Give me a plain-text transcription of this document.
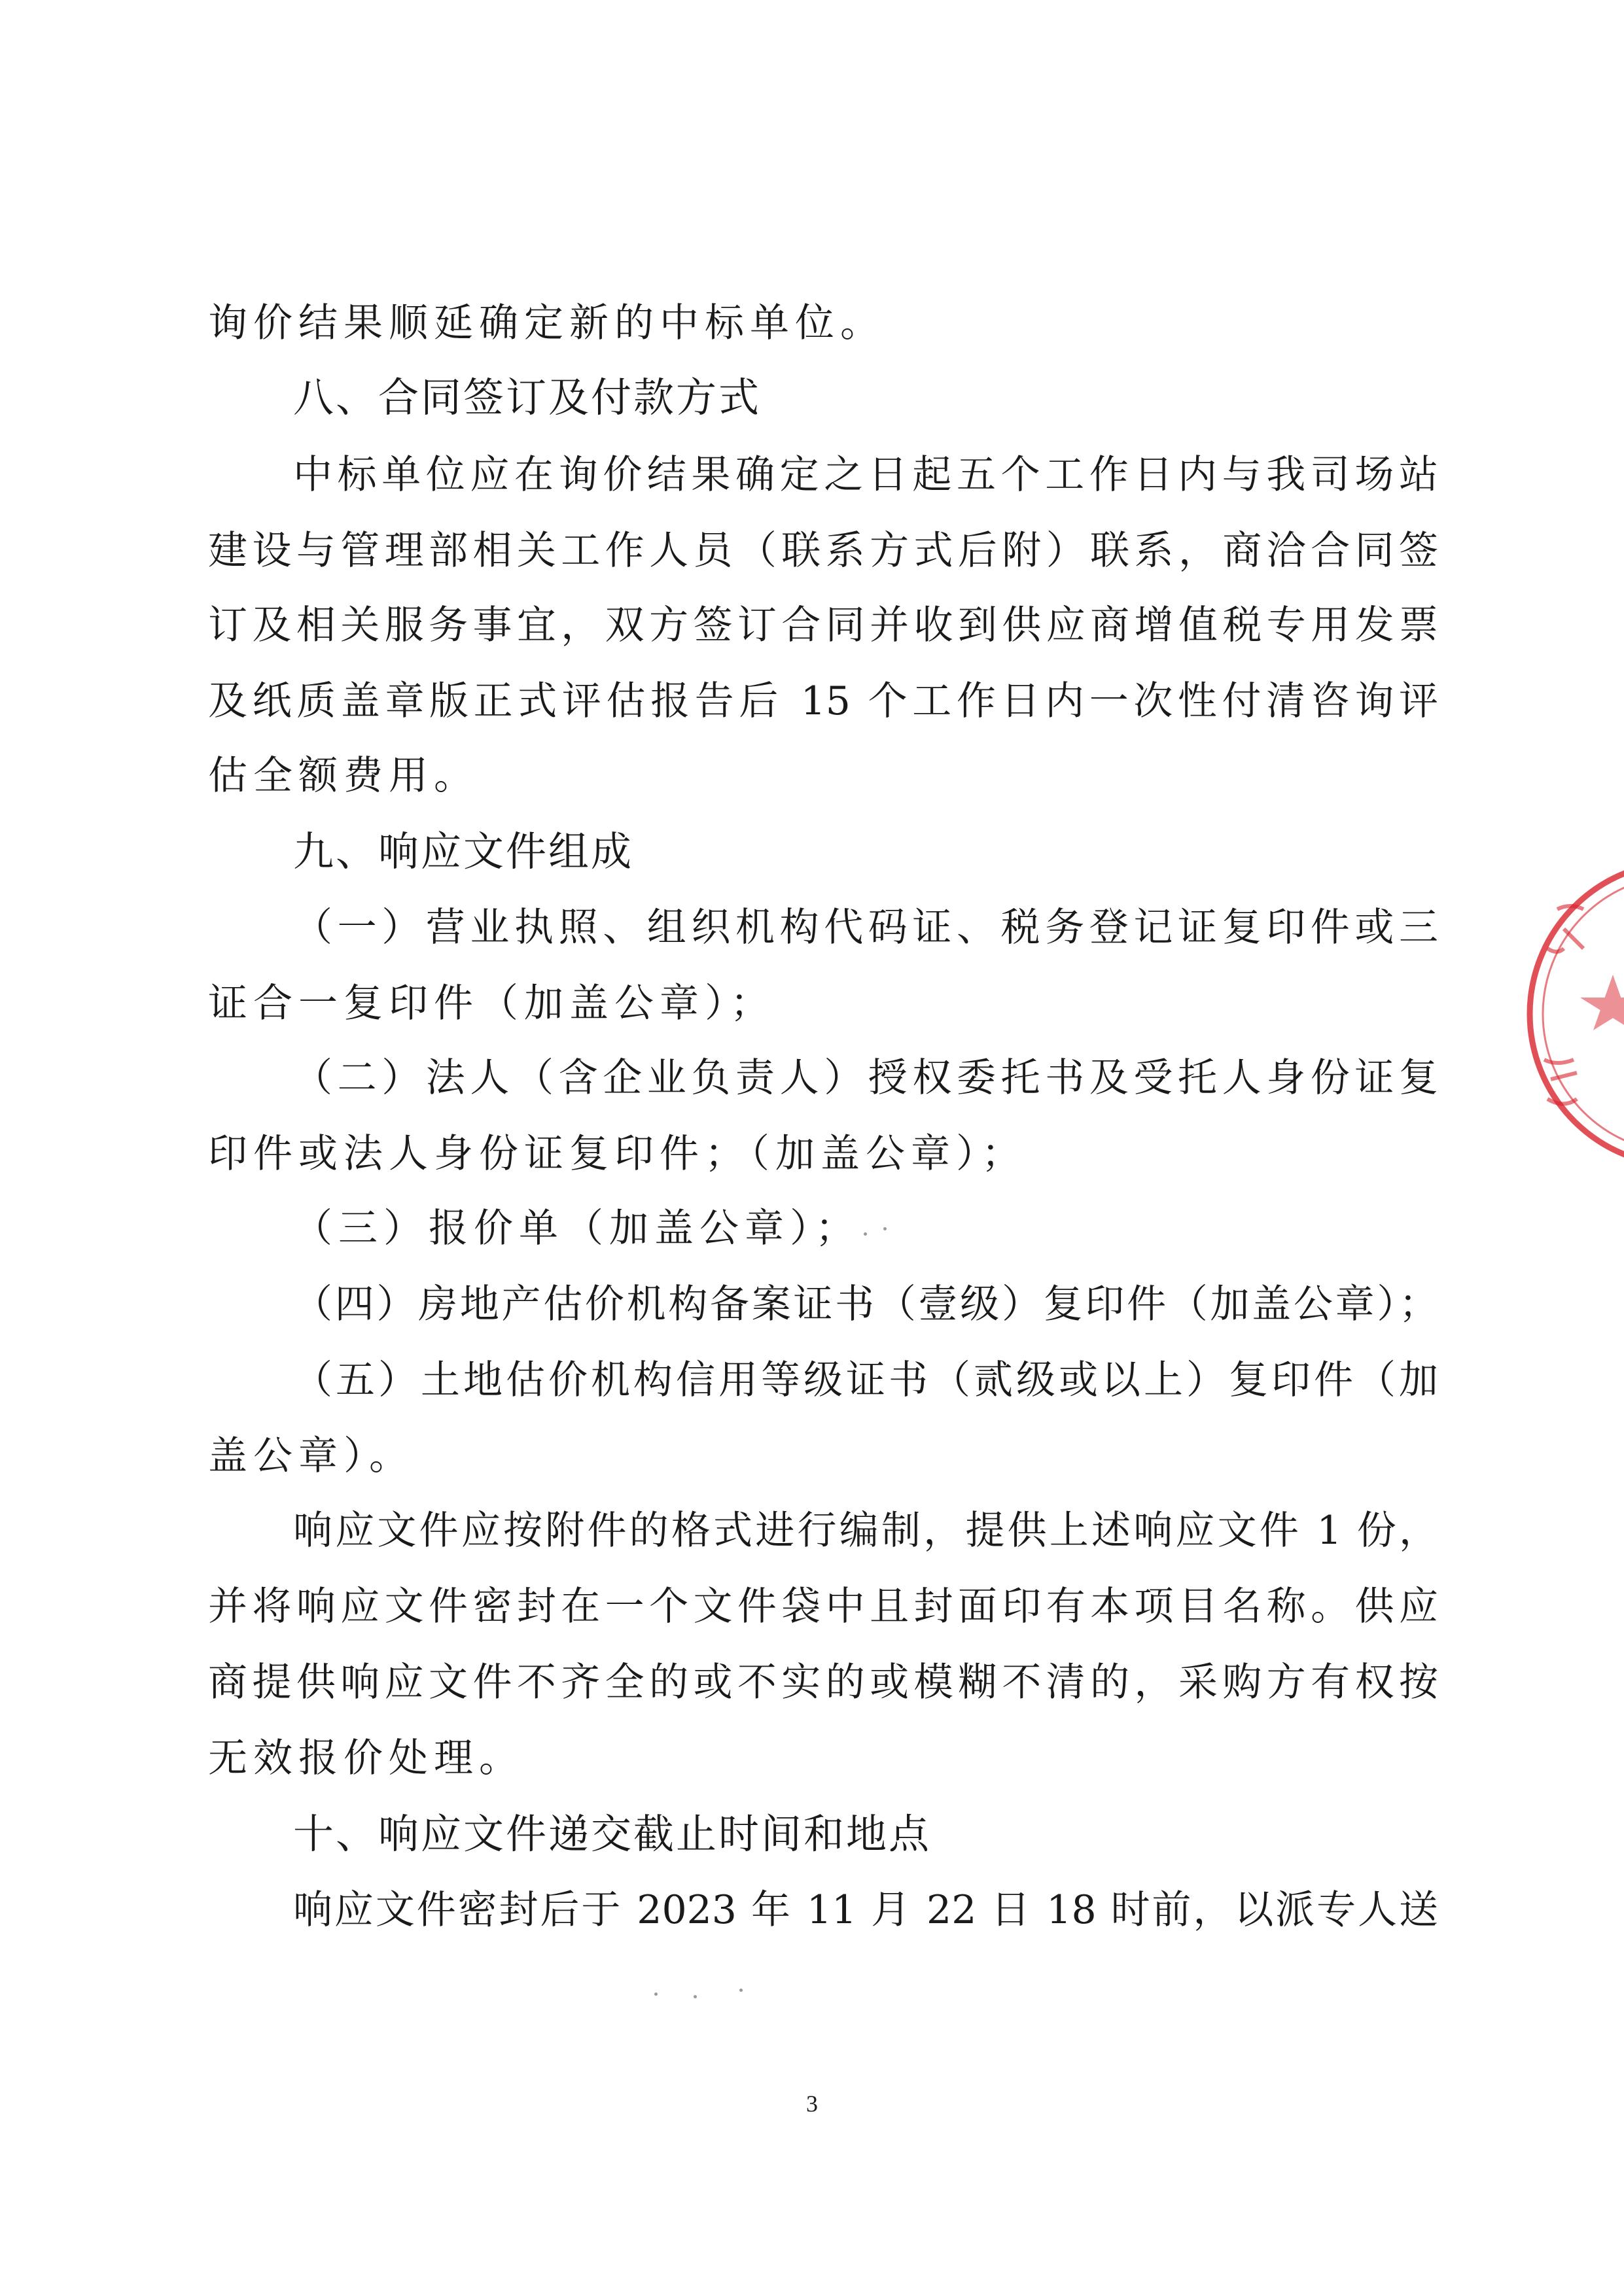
询价结果顺延确定新的中标单位。
八、合同签订及付款方式
中标单位应在询价结果确定之日起五个工作日内与我司场站
建设与管理部相关工作人员（联系方式后附）联系，商洽合同签
订及相关服务事宜，双方签订合同并收到供应商增值税专用发票
及纸质盖章版正式评估报告后 15 个工作日内一次性付清咨询评
估全额费用。
九、响应文件组成
（一）营业执照、组织机构代码证、税务登记证复印件或三
证合一复印件（加盖公章）；
（二）法人（含企业负责人）授权委托书及受托人身份证复
印件或法人身份证复印件；（加盖公章）；
（三）报价单（加盖公章）；
（四）房地产估价机构备案证书（壹级）复印件（加盖公章）；
（五）土地估价机构信用等级证书（贰级或以上）复印件（加
盖公章）。
响应文件应按附件的格式进行编制，提供上述响应文件 1 份，
并将响应文件密封在一个文件袋中且封面印有本项目名称。供应
商提供响应文件不齐全的或不实的或模糊不清的，采购方有权按
无效报价处理。
十、响应文件递交截止时间和地点
响应文件密封后于 2023 年 11 月 22 日 18 时前，以派专人送
3
